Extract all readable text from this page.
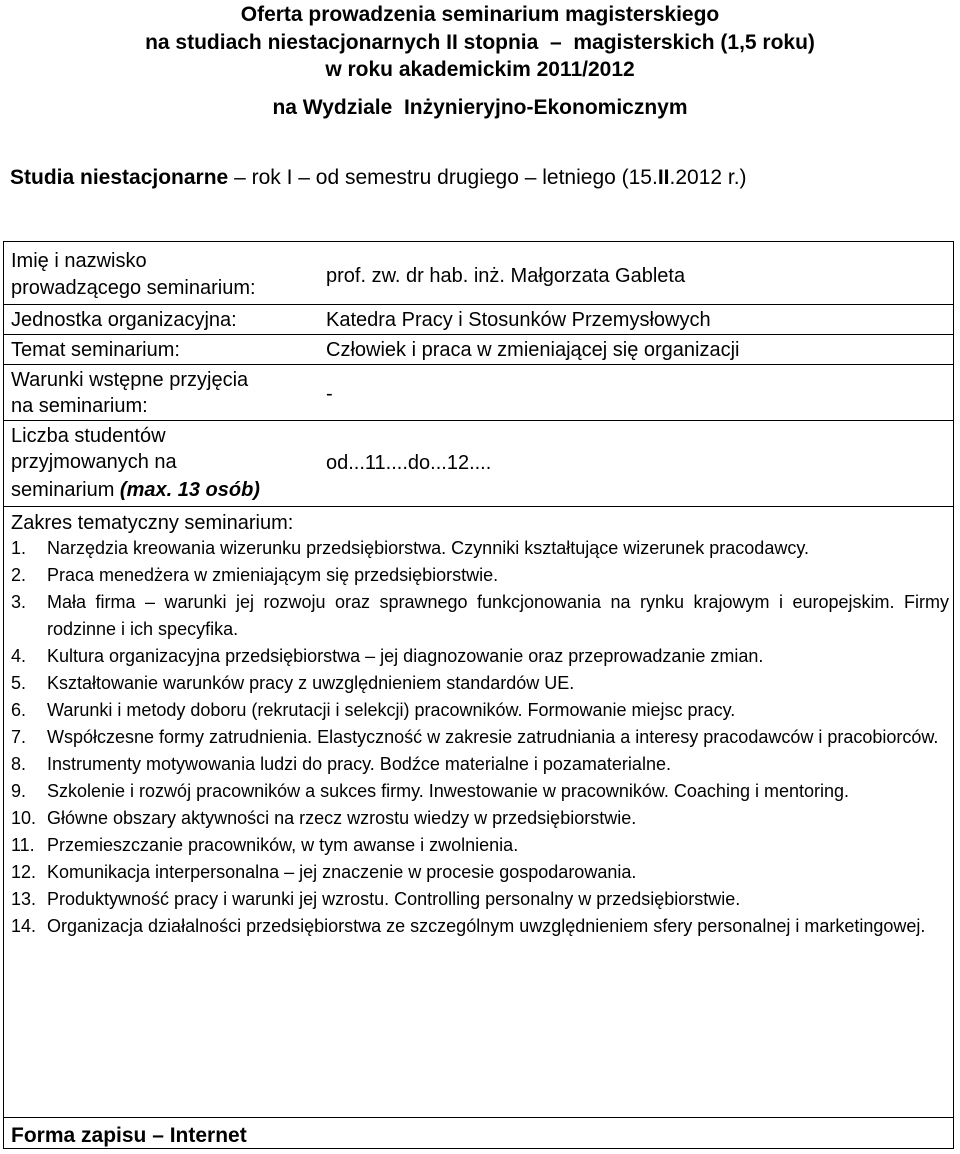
Oferta prowadzenia seminarium magisterskiego
na studiach niestacjonarnych II stopnia  –  magisterskich (1,5 roku)
w roku akademickim 2011/2012
na Wydziale  Inżynieryjno-Ekonomicznym
Studia niestacjonarne – rok I – od semestru drugiego – letniego (15.II.2012 r.)
Imię i nazwisko
prowadzącego seminarium:
prof. zw. dr hab. inż. Małgorzata Gableta
Jednostka organizacyjna:	Katedra Pracy i Stosunków Przemysłowych
Temat seminarium:	Człowiek i praca w zmieniającej się organizacji
Warunki wstępne przyjęcia
na seminarium:
-
Liczba studentów
przyjmowanych na
seminarium (max. 13 osób)
od...11....do...12....
Zakres tematyczny seminarium:
1. Narzędzia kreowania wizerunku przedsiębiorstwa. Czynniki kształtujące wizerunek pracodawcy.
2. Praca menedżera w zmieniającym się przedsiębiorstwie.
3. Mała firma – warunki jej rozwoju oraz sprawnego funkcjonowania na rynku krajowym i europejskim. Firmy rodzinne i ich specyfika.
4. Kultura organizacyjna przedsiębiorstwa – jej diagnozowanie oraz przeprowadzanie zmian.
5. Kształtowanie warunków pracy z uwzględnieniem standardów UE.
6. Warunki i metody doboru (rekrutacji i selekcji) pracowników. Formowanie miejsc pracy.
7. Współczesne formy zatrudnienia. Elastyczność w zakresie zatrudniania a interesy pracodawców i pracobiorców.
8. Instrumenty motywowania ludzi do pracy. Bodźce materialne i pozamaterialne.
9. Szkolenie i rozwój pracowników a sukces firmy. Inwestowanie w pracowników. Coaching i mentoring.
10. Główne obszary aktywności na rzecz wzrostu wiedzy w przedsiębiorstwie.
11. Przemieszczanie pracowników, w tym awanse i zwolnienia.
12. Komunikacja interpersonalna – jej znaczenie w procesie gospodarowania.
13. Produktywność pracy i warunki jej wzrostu. Controlling personalny w przedsiębiorstwie.
14. Organizacja działalności przedsiębiorstwa ze szczególnym uwzględnieniem sfery personalnej i marketingowej.
Forma zapisu – Internet
